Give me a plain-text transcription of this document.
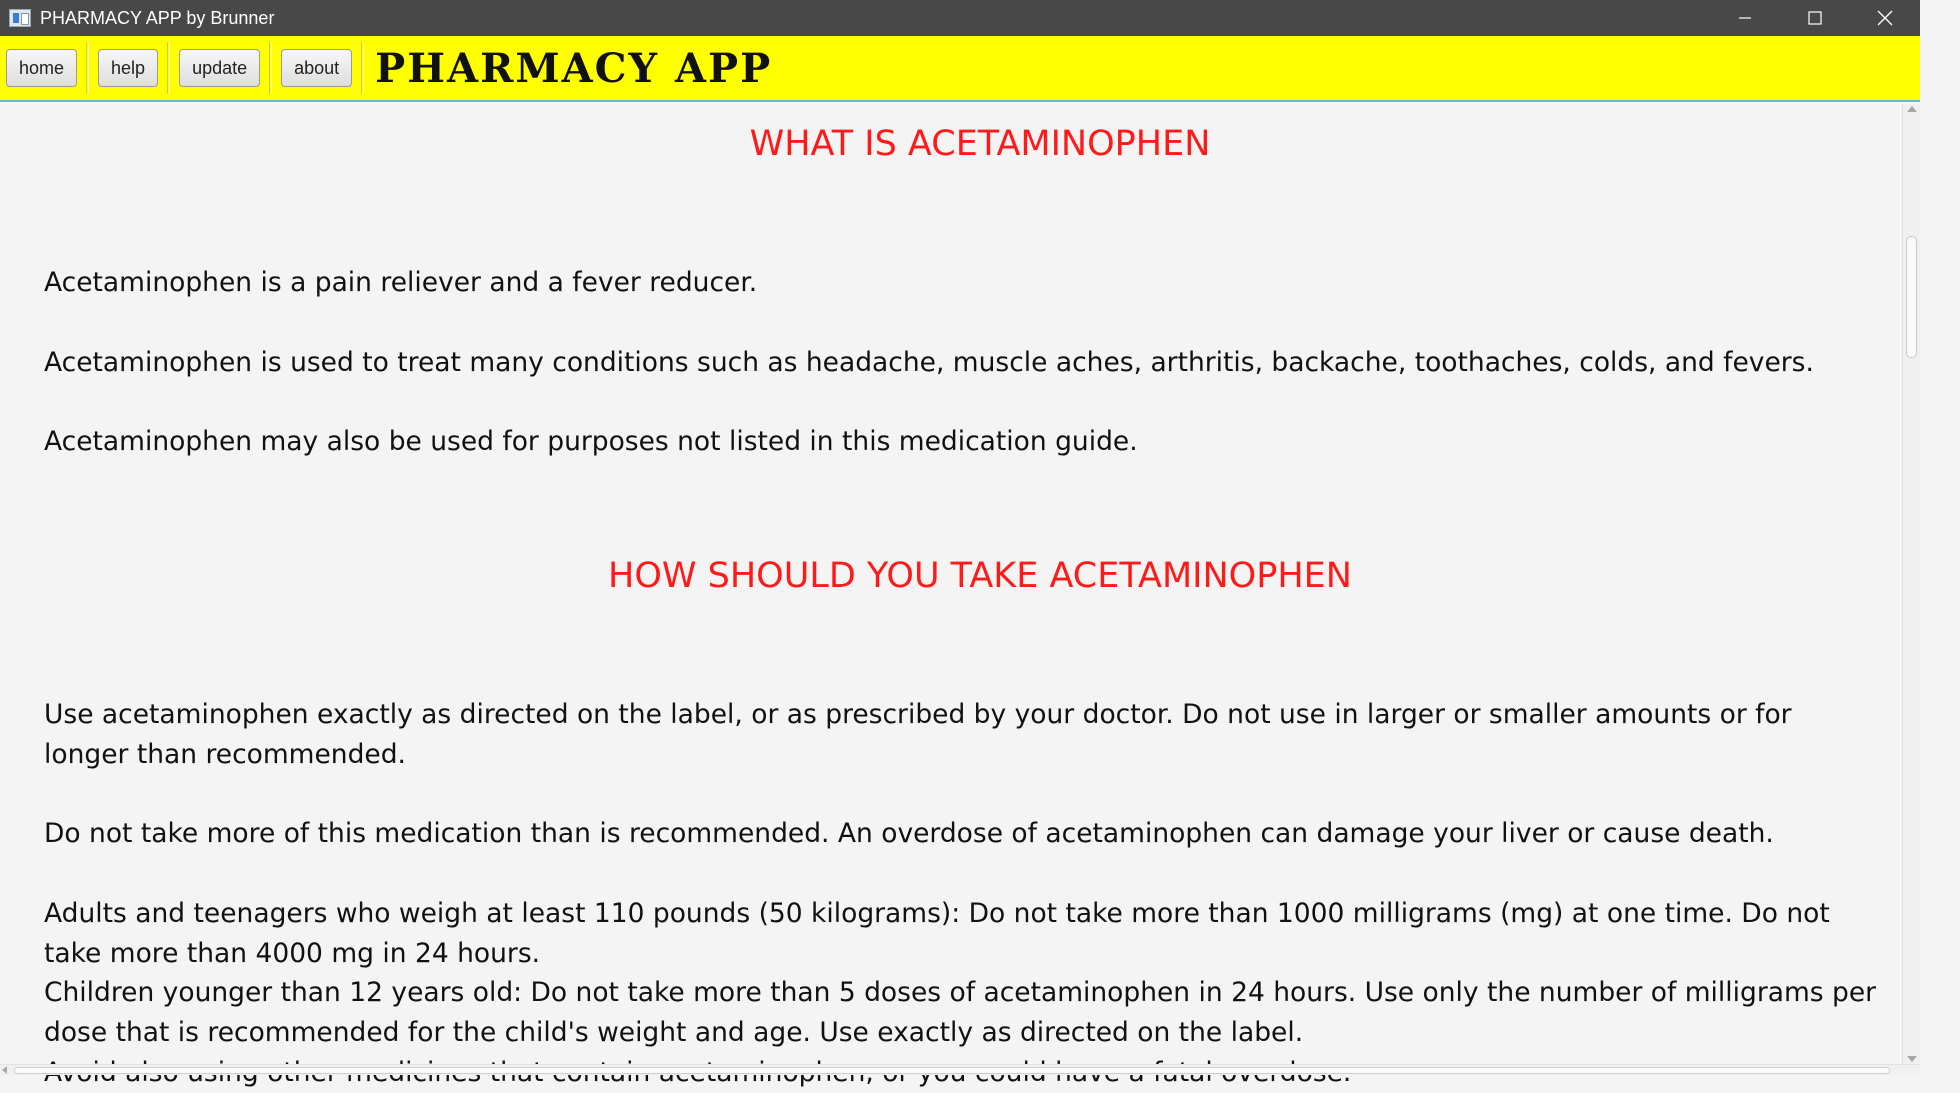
PHARMACY APP by Brunner
home	help	update	about PHARMACY APP
WHAT IS ACETAMINOPHEN

Acetaminophen is a pain reliever and a fever reducer.

Acetaminophen is used to treat many conditions such as headache, muscle aches, arthritis, backache, toothaches, colds, and fevers.

Acetaminophen may also be used for purposes not listed in this medication guide.

HOW SHOULD YOU TAKE ACETAMINOPHEN

Use acetaminophen exactly as directed on the label, or as prescribed by your doctor. Do not use in larger or smaller amounts or for longer than recommended.

Do not take more of this medication than is recommended. An overdose of acetaminophen can damage your liver or cause death.

Adults and teenagers who weigh at least 110 pounds (50 kilograms): Do not take more than 1000 milligrams (mg) at one time. Do not take more than 4000 mg in 24 hours.

Children younger than 12 years old: Do not take more than 5 doses of acetaminophen in 24 hours. Use only the number of milligrams per dose that is recommended for the child's weight and age. Use exactly as directed on the label.
